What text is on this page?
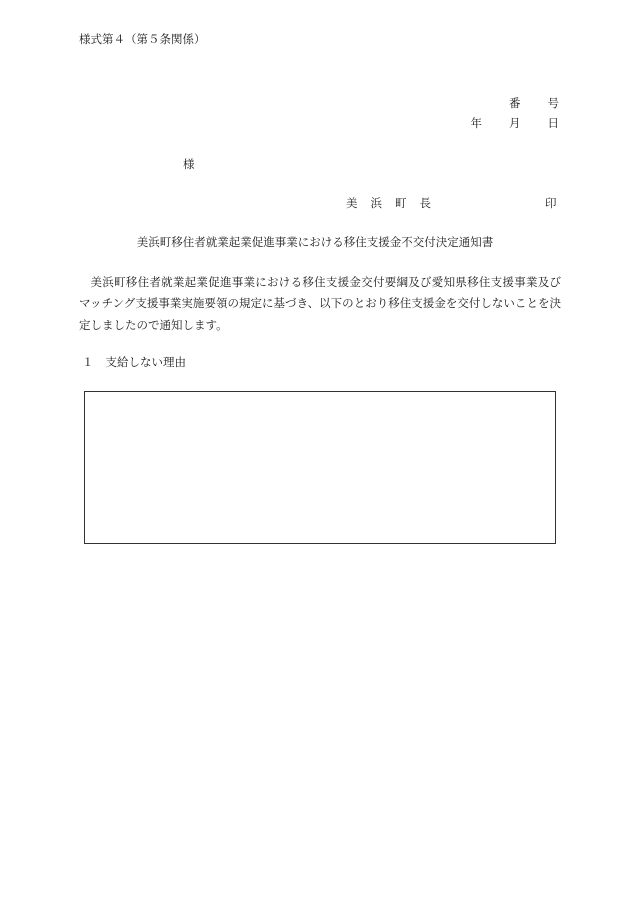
様式第４（第５条関係）
番 号
年 月 日
様
美 浜 町 長	印
美浜町移住者就業起業促進事業における移住支援金不交付決定通知書
美浜町移住者就業起業促進事業における移住支援金交付要綱及び愛知県移住支援事業及びマッチング支援事業実施要領の規定に基づき、以下のとおり移住支援金を交付しないことを決定しましたので通知します。
１ 支給しない理由
